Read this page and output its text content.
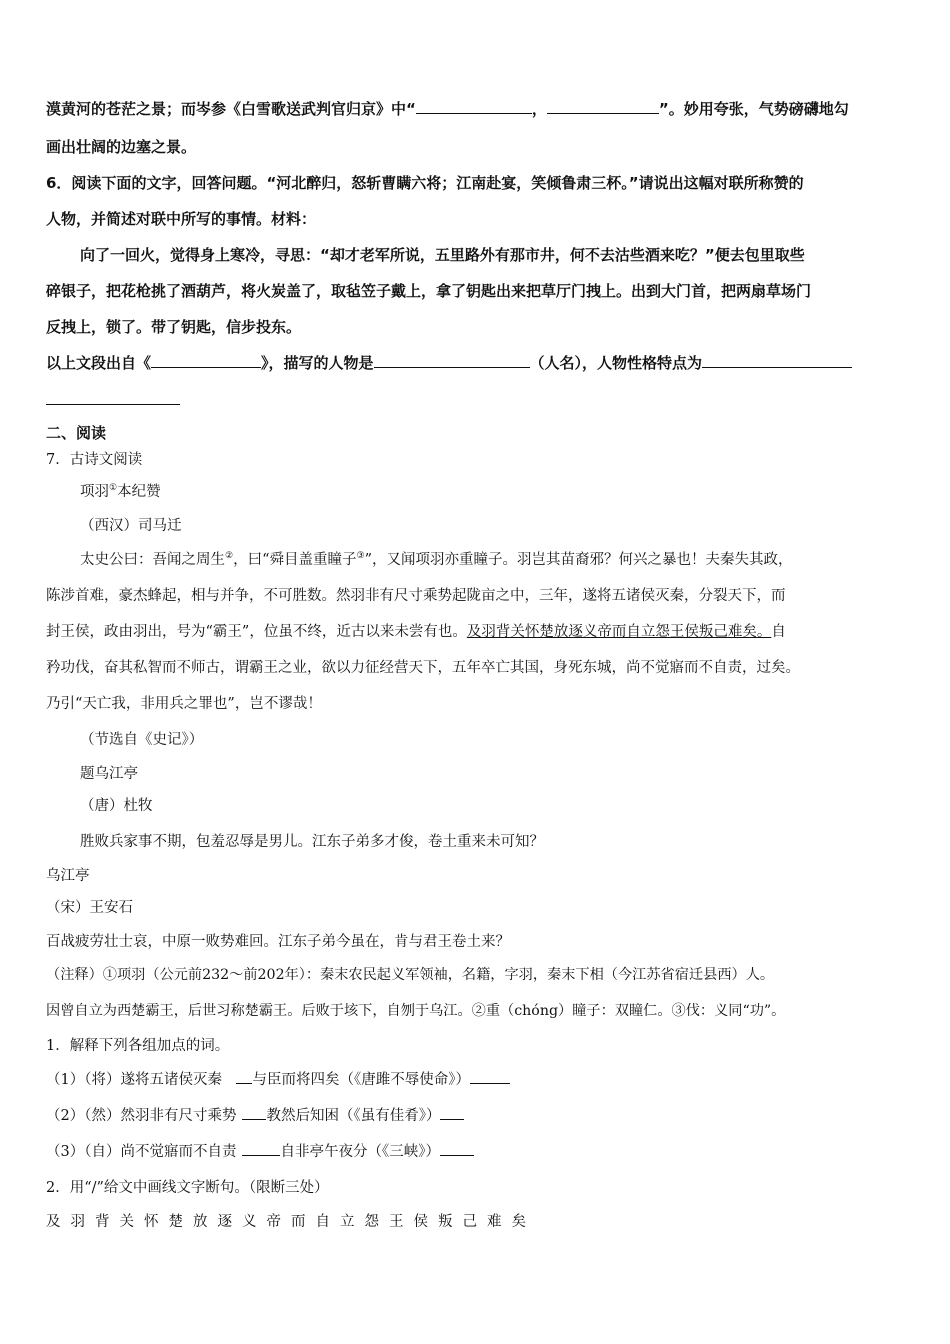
漠黄河的苍茫之景；而岑参《白雪歌送武判官归京》中“	，	”。妙用夸张，气势磅礴地勾
画出壮阔的边塞之景。
6．阅读下面的文字，回答问题。“河北醉归，怒斩曹瞒六将；江南赴宴，笑倾鲁肃三杯。”请说出这幅对联所称赞的
人物，并简述对联中所写的事情。材料：
向了一回火，觉得身上寒冷，寻思：“却才老军所说，五里路外有那市井，何不去沽些酒来吃？”便去包里取些
碎银子，把花枪挑了酒葫芦，将火炭盖了，取毡笠子戴上，拿了钥匙出来把草厅门拽上。出到大门首，把两扇草场门
反拽上，锁了。带了钥匙，信步投东。
以上文段出自《	》，描写的人物是	（人名），人物性格特点为
二、阅读
7．古诗文阅读
项羽①本纪赞
（西汉）司马迁
太史公曰：吾闻之周生②，曰“舜目盖重瞳子③”，又闻项羽亦重瞳子。羽岂其苗裔邪？何兴之暴也！夫秦失其政，
陈涉首难，豪杰蜂起，相与并争，不可胜数。然羽非有尺寸乘势起陇亩之中，三年，遂将五诸侯灭秦，分裂天下，而
封王侯，政由羽出，号为“霸王”，位虽不终，近古以来未尝有也。及羽背关怀楚放逐义帝而自立怨王侯叛己难矣。自
矜功伐，奋其私智而不师古，谓霸王之业，欲以力征经营天下，五年卒亡其国，身死东城，尚不觉寤而不自责，过矣。
乃引“天亡我，非用兵之罪也”，岂不谬哉！
（节选自《史记》）
题乌江亭
（唐）杜牧
胜败兵家事不期，包羞忍辱是男儿。江东子弟多才俊，卷土重来未可知？
乌江亭
（宋）王安石
百战疲劳壮士哀，中原一败势难回。江东子弟今虽在，肯与君王卷土来？
（注释）①项羽（公元前232～前202年）：秦末农民起义军领袖，名籍，字羽，秦末下相（今江苏省宿迁县西）人。
因曾自立为西楚霸王，后世习称楚霸王。后败于垓下，自刎于乌江。②重（chóng）瞳子：双瞳仁。③伐：义同“功”。
1．解释下列各组加点的词。
（1）（将）遂将五诸侯灭秦　与臣而将四矣（《唐雎不辱使命》）
（2）（然）然羽非有尺寸乘势 教然后知困（《虽有佳肴》）
（3）（自）尚不觉寤而不自责	自非亭午夜分（《三峡》）
2．用“/”给文中画线文字断句。（限断三处）
及羽背关怀楚放逐义帝而自立怨王侯叛己难矣
